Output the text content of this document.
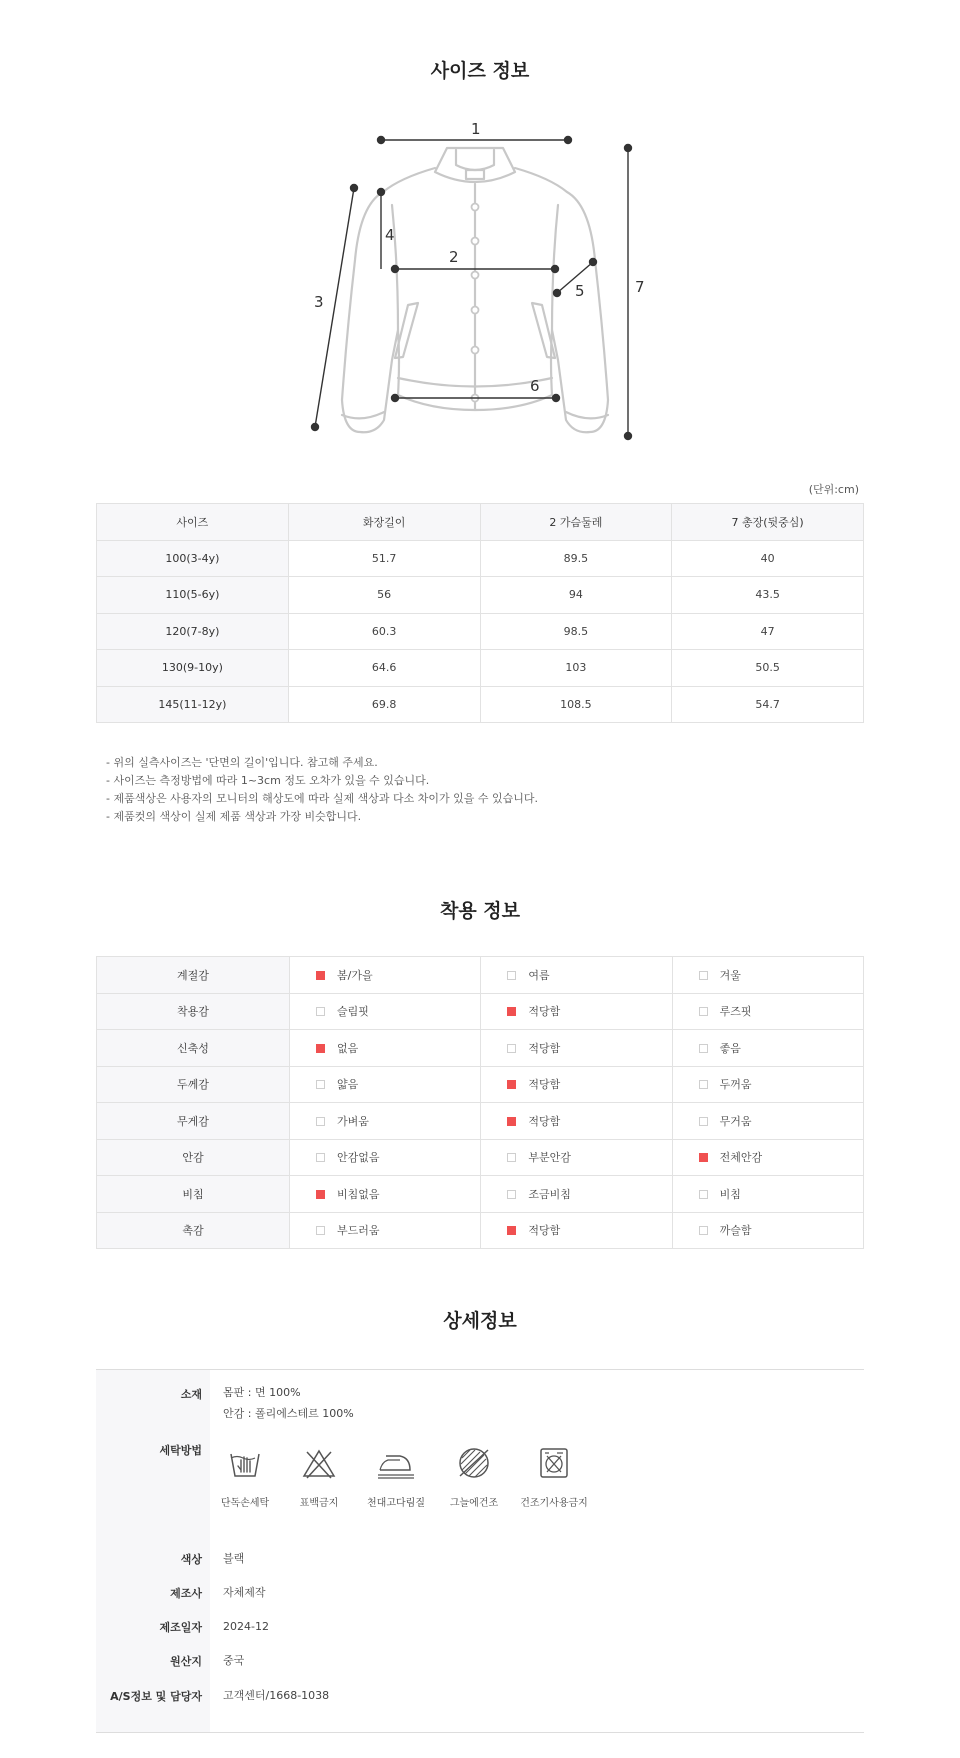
사이즈 정보
1
2
3
4
5
6
7
(단위:cm)
사이즈	화장길이	2 가슴둘레	7 총장(뒷중심)
100(3-4y)	51.7	89.5	40
110(5-6y)	56	94	43.5
120(7-8y)	60.3	98.5	47
130(9-10y)	64.6	103	50.5
145(11-12y)	69.8	108.5	54.7
- 위의 실측사이즈는 '단면의 길이'입니다. 참고해 주세요.
- 사이즈는 측정방법에 따라 1~3cm 정도 오차가 있을 수 있습니다.
- 제품색상은 사용자의 모니터의 해상도에 따라 실제 색상과 다소 차이가 있을 수 있습니다.
- 제품컷의 색상이 실제 제품 색상과 가장 비슷합니다.
착용 정보
계절감	봄/가을	여름	겨울
착용감	슬림핏	적당함	루즈핏
신축성	없음	적당함	좋음
두께감	얇음	적당함	두꺼움
무게감	가벼움	적당함	무거움
안감	안감없음	부분안감	전체안감
비침	비침없음	조금비침	비침
촉감	부드러움	적당함	까슬함
상세정보
소재 몸판 : 면 100%
안감 : 폴리에스테르 100%
세탁방법
단독손세탁	표백금지	천대고다림질	그늘에건조	건조기사용금지
색상 블랙
제조사 자체제작
제조일자 2024-12
원산지 중국
A/S정보 및 담당자 고객센터/1668-1038
